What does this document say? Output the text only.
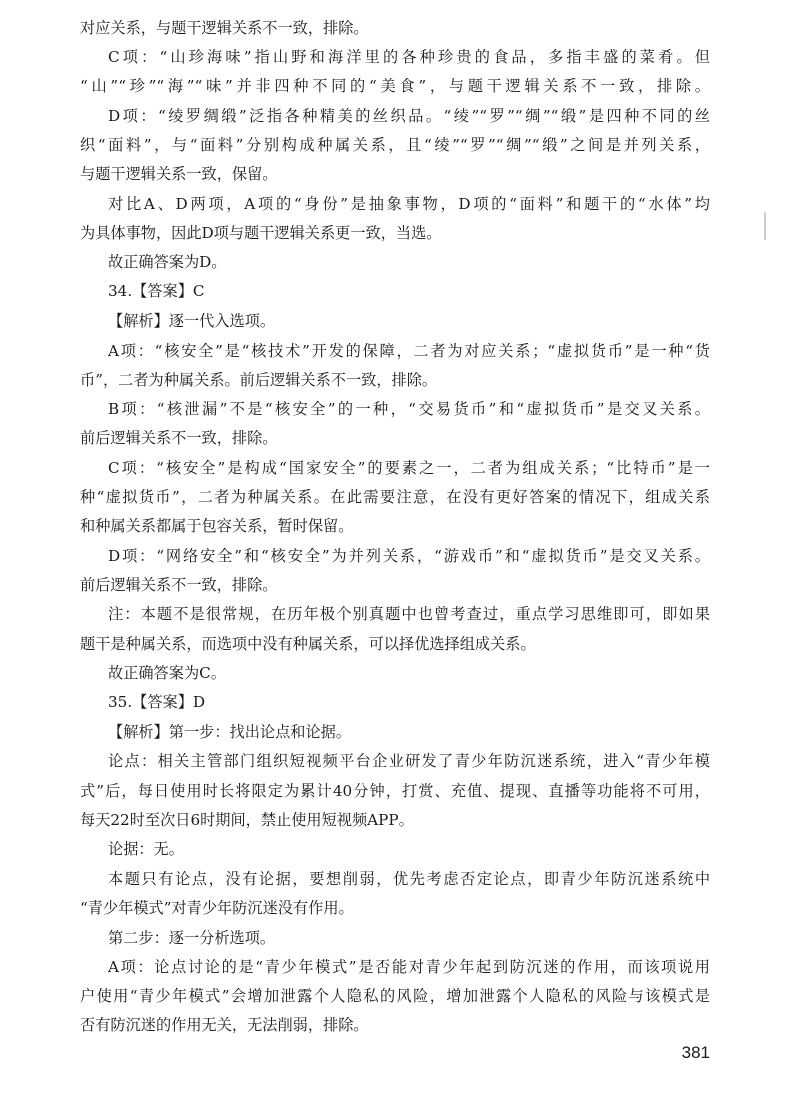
对应关系，与题干逻辑关系不一致，排除。
C项：“山珍海味”指山野和海洋里的各种珍贵的食品，多指丰盛的菜肴。但
“山”“珍”“海”“味”并非四种不同的“美食”，与题干逻辑关系不一致，排除。
D项：“绫罗绸缎”泛指各种精美的丝织品。“绫”“罗”“绸”“缎”是四种不同的丝
织“面料”，与“面料”分别构成种属关系，且“绫”“罗”“绸”“缎”之间是并列关系，
与题干逻辑关系一致，保留。
对比A、D两项，A项的“身份”是抽象事物，D项的“面料”和题干的“水体”均
为具体事物，因此D项与题干逻辑关系更一致，当选。
故正确答案为D。
34.【答案】C
【解析】逐一代入选项。
A项：“核安全”是“核技术”开发的保障，二者为对应关系；“虚拟货币”是一种“货
币”，二者为种属关系。前后逻辑关系不一致，排除。
B项：“核泄漏”不是“核安全”的一种，“交易货币”和“虚拟货币”是交叉关系。
前后逻辑关系不一致，排除。
C项：“核安全”是构成“国家安全”的要素之一，二者为组成关系；“比特币”是一
种“虚拟货币”，二者为种属关系。在此需要注意，在没有更好答案的情况下，组成关系
和种属关系都属于包容关系，暂时保留。
D项：“网络安全”和“核安全”为并列关系，“游戏币”和“虚拟货币”是交叉关系。
前后逻辑关系不一致，排除。
注：本题不是很常规，在历年极个别真题中也曾考查过，重点学习思维即可，即如果
题干是种属关系，而选项中没有种属关系，可以择优选择组成关系。
故正确答案为C。
35.【答案】D
【解析】第一步：找出论点和论据。
论点：相关主管部门组织短视频平台企业研发了青少年防沉迷系统，进入“青少年模
式”后，每日使用时长将限定为累计40分钟，打赏、充值、提现、直播等功能将不可用，
每天22时至次日6时期间，禁止使用短视频APP。
论据：无。
本题只有论点，没有论据，要想削弱，优先考虑否定论点，即青少年防沉迷系统中
“青少年模式”对青少年防沉迷没有作用。
第二步：逐一分析选项。
A项：论点讨论的是“青少年模式”是否能对青少年起到防沉迷的作用，而该项说用
户使用“青少年模式”会增加泄露个人隐私的风险，增加泄露个人隐私的风险与该模式是
否有防沉迷的作用无关，无法削弱，排除。
381
